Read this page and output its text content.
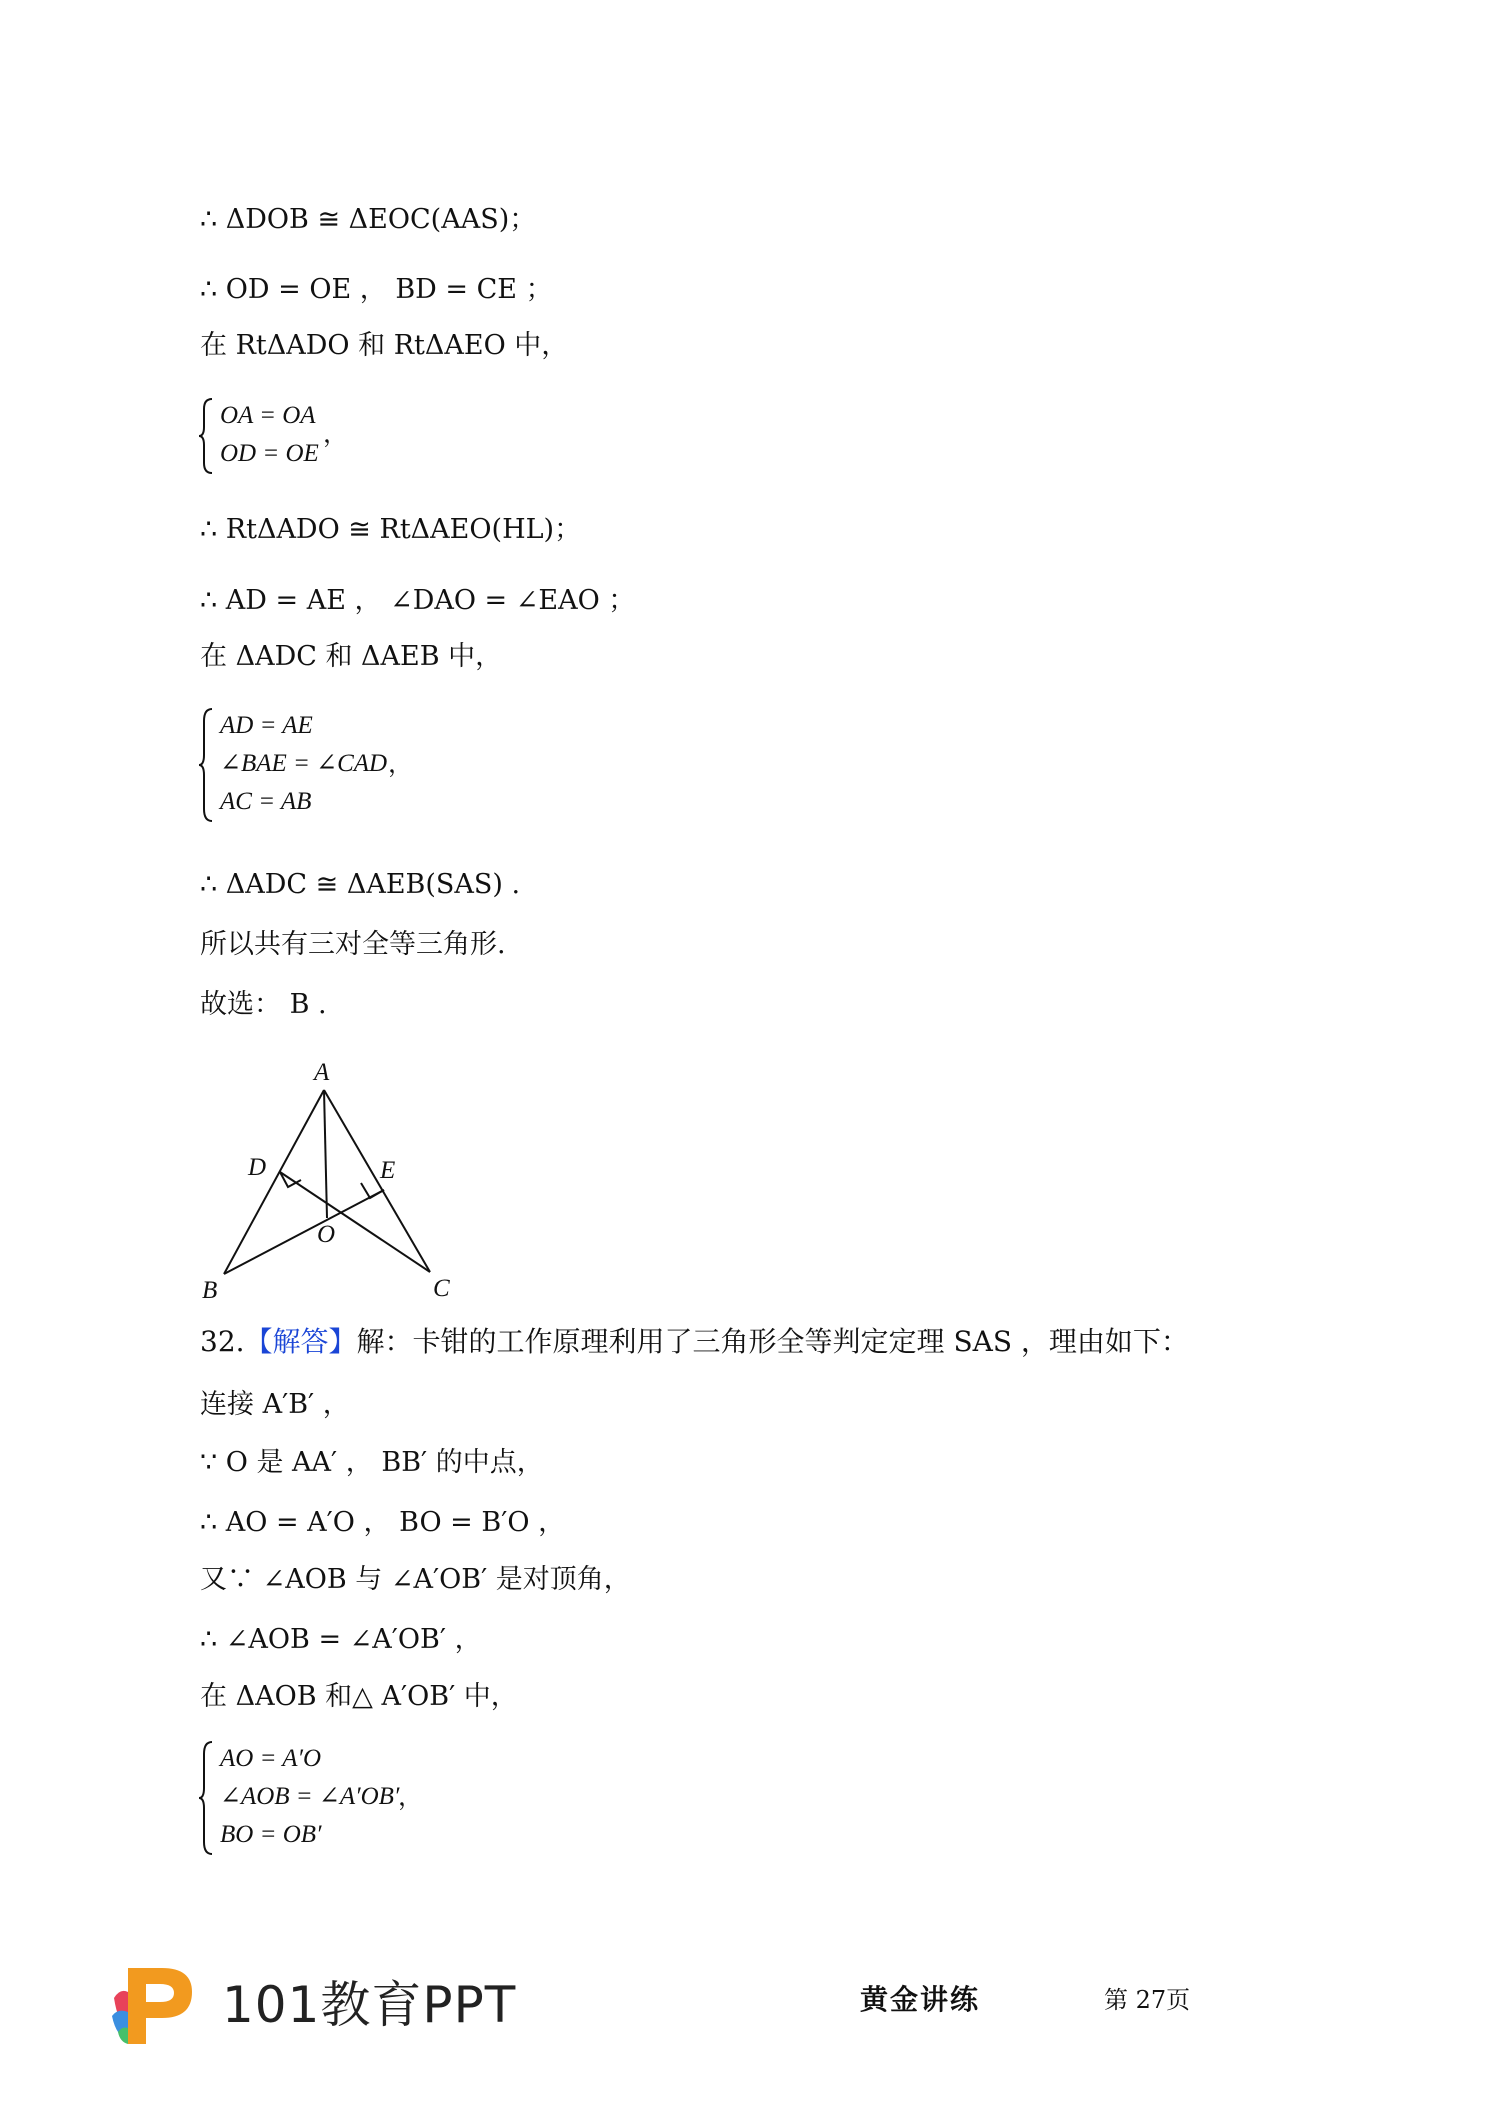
∴ ΔDOB ≅ ΔEOC(AAS)；
∴ OD = OE ， BD = CE ；
在 RtΔADO 和 RtΔAEO 中，
OA = OA
OD = OE
，
∴ RtΔADO ≅ RtΔAEO(HL)；
∴ AD = AE ， ∠DAO = ∠EAO ；
在 ΔADC 和 ΔAEB 中，
AD = AE
∠BAE = ∠CAD
AC = AB
，
∴ ΔADC ≅ ΔAEB(SAS) .
所以共有三对全等三角形.
故选： B .
A
D	E
O
B	C
32.【解答】解：卡钳的工作原理利用了三角形全等判定定理 SAS ，理由如下：
连接 A′B′ ，
∵ O 是 AA′ ， BB′ 的中点，
∴ AO = A′O ， BO = B′O ，
又∵ ∠AOB 与 ∠A′OB′ 是对顶角，
∴ ∠AOB = ∠A′OB′ ，
在 ΔAOB 和△ A′OB′ 中，
AO = A′O
∠AOB = ∠A′OB′
BO = OB′
，
101教育PPT	黄金讲练	第 27页
